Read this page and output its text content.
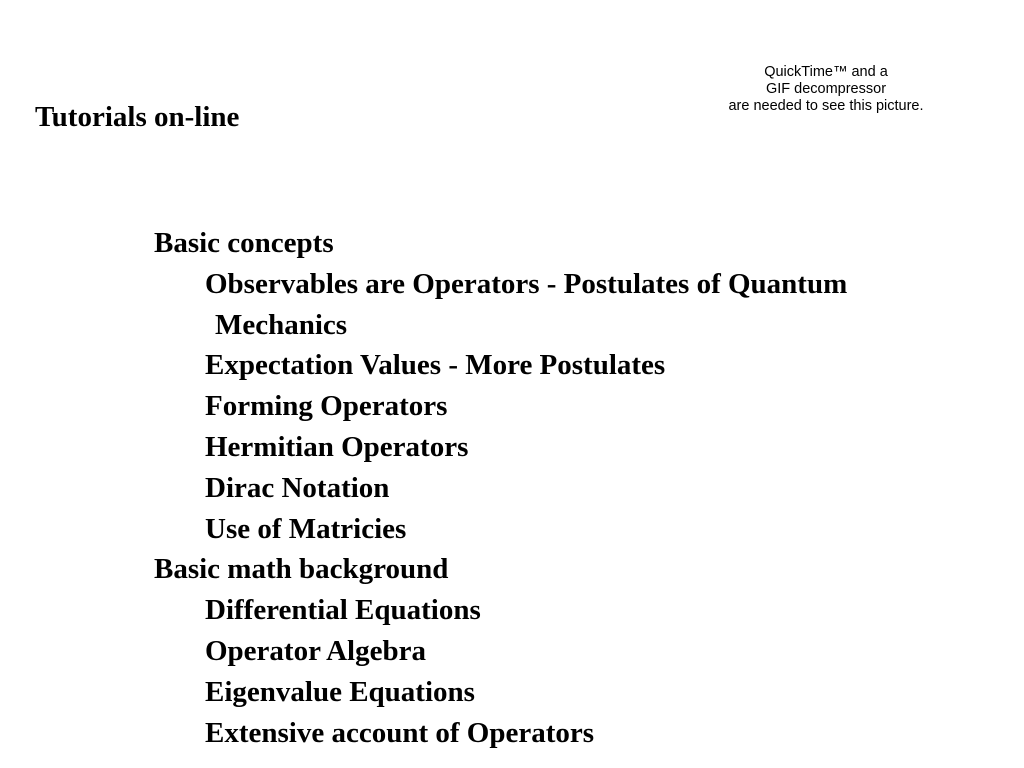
Tutorials on-line
QuickTime™ and a
GIF decompressor
are needed to see this picture.
Basic concepts
Observables are Operators - Postulates of Quantum
Mechanics
Expectation Values - More Postulates
Forming Operators
Hermitian Operators
Dirac Notation
Use of Matricies
Basic math background
Differential Equations
Operator Algebra
Eigenvalue Equations
Extensive account of Operators
